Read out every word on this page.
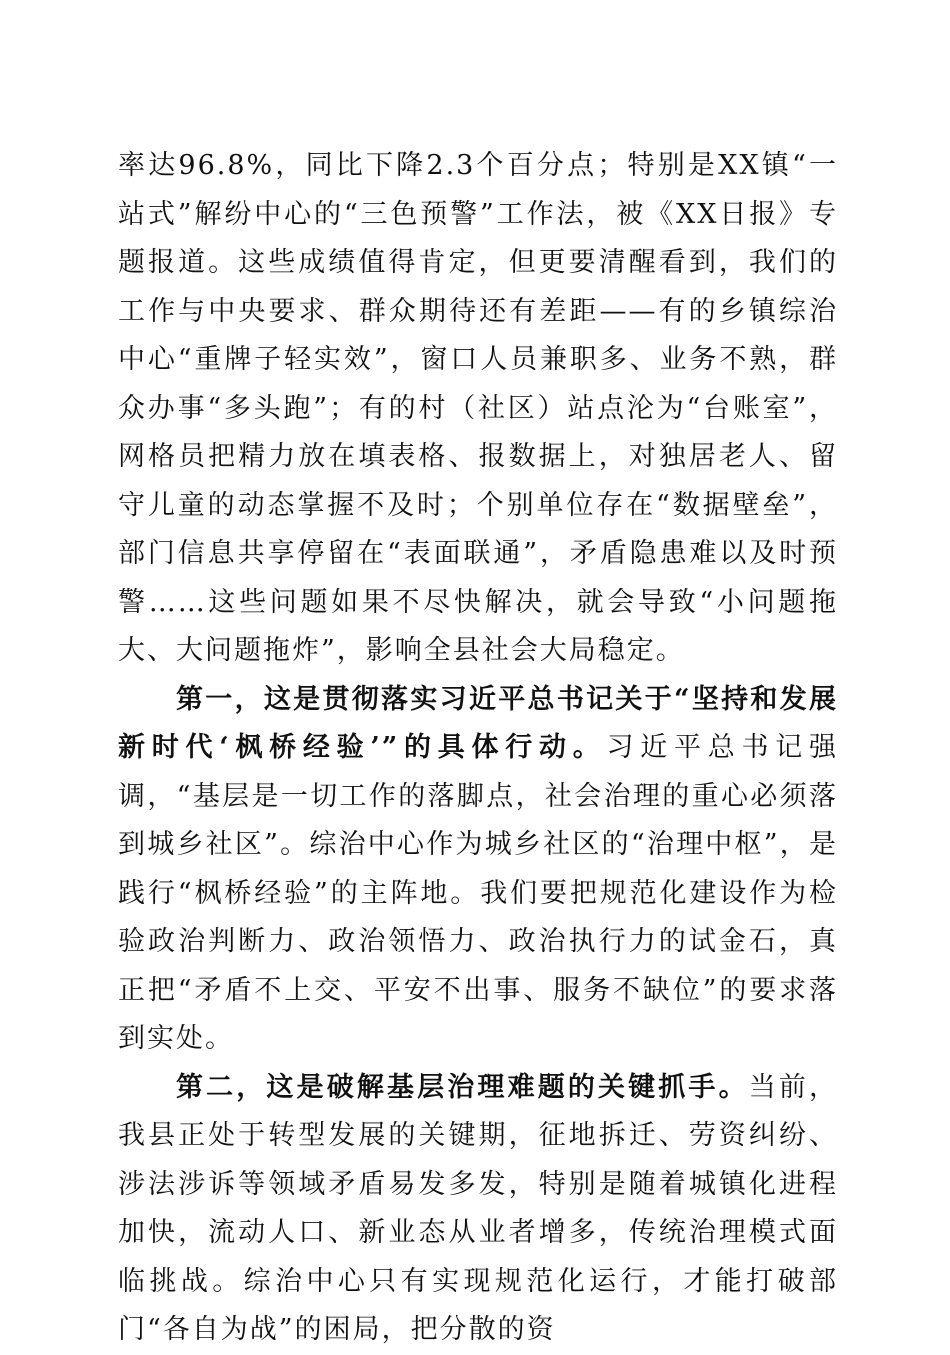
率达96.8%，同比下降2.3个百分点；特别是XX镇“一站式”解纷中心的“三色预警”工作法，被《XX日报》专题报道。这些成绩值得肯定，但更要清醒看到，我们的工作与中央要求、群众期待还有差距——有的乡镇综治中心“重牌子轻实效”，窗口人员兼职多、业务不熟，群众办事“多头跑”；有的村（社区）站点沦为“台账室”，网格员把精力放在填表格、报数据上，对独居老人、留守儿童的动态掌握不及时；个别单位存在“数据壁垒”，部门信息共享停留在“表面联通”，矛盾隐患难以及时预警……这些问题如果不尽快解决，就会导致“小问题拖大、大问题拖炸”，影响全县社会大局稳定。

第一，这是贯彻落实习近平总书记关于“坚持和发展新时代‘枫桥经验’”的具体行动。习近平总书记强调，“基层是一切工作的落脚点，社会治理的重心必须落到城乡社区”。综治中心作为城乡社区的“治理中枢”，是践行“枫桥经验”的主阵地。我们要把规范化建设作为检验政治判断力、政治领悟力、政治执行力的试金石，真正把“矛盾不上交、平安不出事、服务不缺位”的要求落到实处。

第二，这是破解基层治理难题的关键抓手。当前，我县正处于转型发展的关键期，征地拆迁、劳资纠纷、涉法涉诉等领域矛盾易发多发，特别是随着城镇化进程加快，流动人口、新业态从业者增多，传统治理模式面临挑战。综治中心只有实现规范化运行，才能打破部门“各自为战”的困局，把分散的资
